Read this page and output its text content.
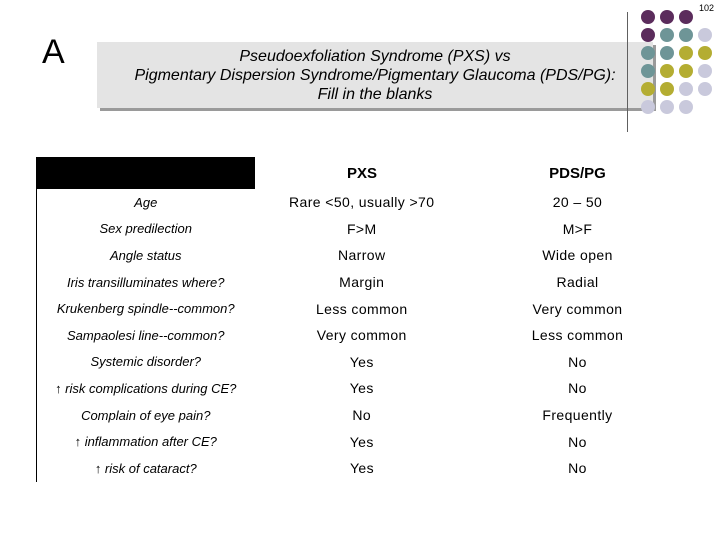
102
A	Pseudoexfoliation Syndrome (PXS) vs
Pigmentary Dispersion Syndrome/Pigmentary Glaucoma (PDS/PG):
Fill in the blanks
	PXS	PDS/PG
Age	Rare <50, usually >70	20 – 50
Sex predilection	F>M	M>F
Angle status	Narrow	Wide open
Iris transilluminates where?	Margin	Radial
Krukenberg spindle--common?	Less common	Very common
Sampaolesi line--common?	Very common	Less common
Systemic disorder?	Yes	No
↑ risk complications during CE?	Yes	No
Complain of eye pain?	No	Frequently
↑ inflammation after CE?	Yes	No
↑ risk of cataract?	Yes	No
